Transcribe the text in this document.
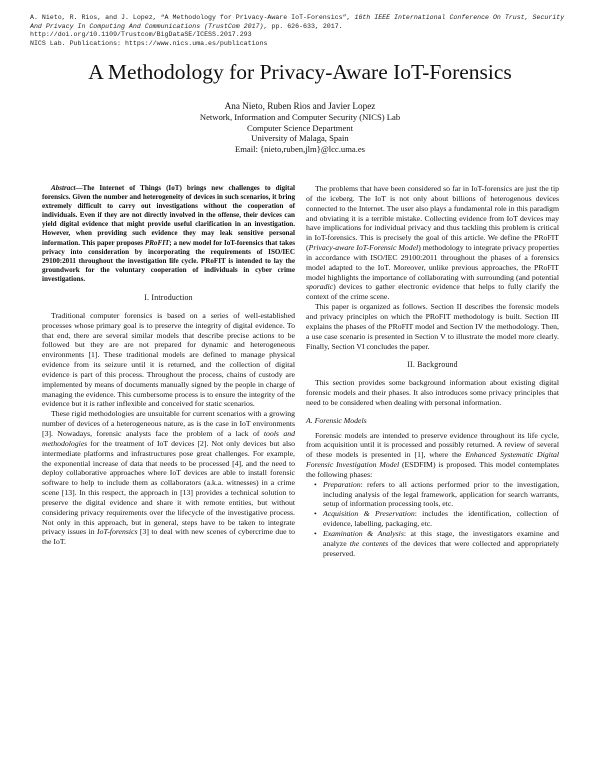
A. Nieto, R. Rios, and J. Lopez, “A Methodology for Privacy-Aware IoT-Forensics”, 16th IEEE International Conference On Trust, Security And Privacy In Computing And Communications (TrustCom 2017), pp. 626-633, 2017.
http://doi.org/10.1109/Trustcom/BigDataSE/ICESS.2017.293
NICS Lab. Publications: https://www.nics.uma.es/publications
A Methodology for Privacy-Aware IoT-Forensics
Ana Nieto, Ruben Rios and Javier Lopez
Network, Information and Computer Security (NICS) Lab
Computer Science Department
University of Malaga, Spain
Email: {nieto,ruben,jlm}@lcc.uma.es

Abstract—The Internet of Things (IoT) brings new challenges to digital forensics. Given the number and heterogeneity of devices in such scenarios, it bring extremely difficult to carry out investigations without the cooperation of individuals. Even if they are not directly involved in the offense, their devices can yield digital evidence that might provide useful clarification in an investigation. However, when providing such evidence they may leak sensitive personal information. This paper proposes PRoFIT; a new model for IoT-forensics that takes privacy into consideration by incorporating the requirements of ISO/IEC 29100:2011 throughout the investigation life cycle. PRoFIT is intended to lay the groundwork for the voluntary cooperation of individuals in cyber crime investigations.

I. Introduction

Traditional computer forensics is based on a series of well-established processes whose primary goal is to preserve the integrity of digital evidence. To that end, there are several similar models that describe precise actions to be followed but they are are not prepared for dynamic and heterogeneous environments [1]. These traditional models are defined to manage physical evidence from its seizure until it is returned, and the collection of digital evidence is part of this process. Throughout the process, chains of custody are implemented by means of documents manually signed by the people in charge of managing the evidence. This cumbersome process is to ensure the integrity of the evidence but it is rather inflexible and conceived for static scenarios.

These rigid methodologies are unsuitable for current scenarios with a growing number of devices of a heterogeneous nature, as is the case in IoT environments [3]. Nowadays, forensic analysts face the problem of a lack of tools and methodologies for the treatment of IoT devices [2]. Not only devices but also intermediate platforms and infrastructures pose great challenges. For example, the exponential increase of data that needs to be processed [4], and the need to deploy collaborative approaches where IoT devices are able to install forensic software to help to include them as collaborators (a.k.a. witnesses) in a crime scene [13]. In this respect, the approach in [13] provides a technical solution to preserve the digital evidence and share it with remote entities, but without considering privacy requirements over the lifecycle of the investigative process. Not only in this approach, but in general, steps have to be taken to integrate privacy issues in IoT-forensics [3] to deal with new scenes of cybercrime due to the IoT.

The problems that have been considered so far in IoT-forensics are just the tip of the iceberg. The IoT is not only about billions of heterogenous devices connected to the Internet. The user also plays a fundamental role in this paradigm and obviating it is a terrible mistake. Collecting evidence from IoT devices may have implications for individual privacy and thus tackling this problem is critical in IoT-forensics. This is precisely the goal of this article. We define the PRoFIT (Privacy-aware IoT-Forensic Model) methodology to integrate privacy properties in accordance with ISO/IEC 29100:2011 throughout the phases of a forensics model adapted to the IoT. Moreover, unlike previous approaches, the PRoFIT model highlights the importance of collaborating with surrounding (and potential sporadic) devices to gather electronic evidence that helps to fully clarify the context of the crime scene.

This paper is organized as follows. Section II describes the forensic models and privacy principles on which the PRoFIT methodology is built. Section III explains the phases of the PRoFIT model and Section IV the methodology. Then, a use case scenario is presented in Section V to illustrate the model more clearly. Finally, Section VI concludes the paper.

II. Background

This section provides some background information about existing digital forensic models and their phases. It also introduces some privacy principles that need to be considered when dealing with personal information.

A. Forensic Models

Forensic models are intended to preserve evidence throughout its life cycle, from acquisition until it is processed and possibly returned. A review of several of these models is presented in [1], where the Enhanced Systematic Digital Forensic Investigation Model (ESDFIM) is proposed. This model contemplates the following phases:

• Preparation: refers to all actions performed prior to the investigation, including analysis of the legal framework, application for search warrants, setup of information processing tools, etc.
• Acquisition & Preservation: includes the identification, collection of evidence, labelling, packaging, etc.
• Examination & Analysis: at this stage, the investigators examine and analyze the contents of the devices that were collected and appropriately preserved.
